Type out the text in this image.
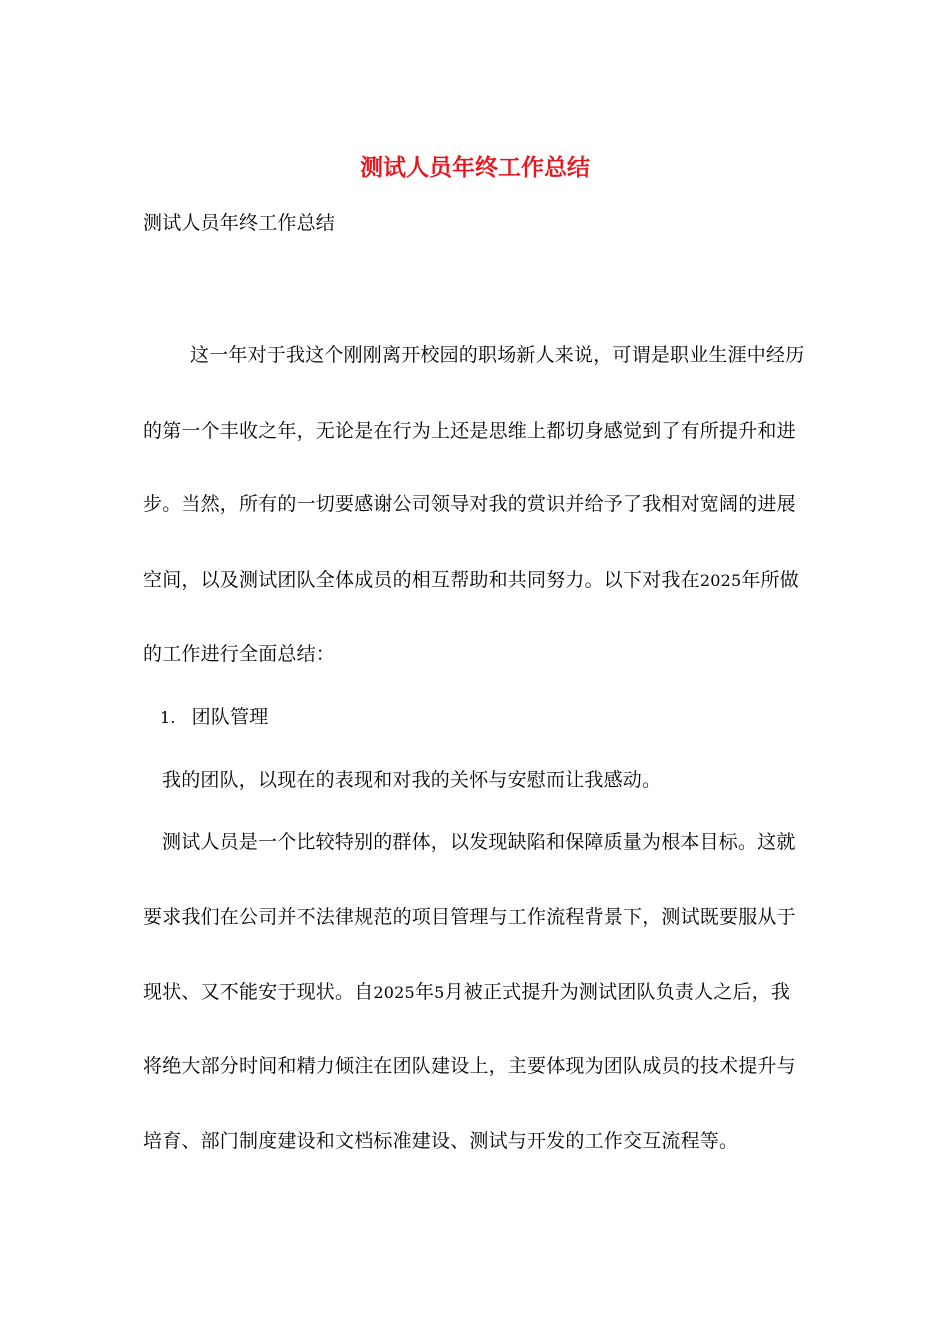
测试人员年终工作总结

测试人员年终工作总结

这一年对于我这个刚刚离开校园的职场新人来说，可谓是职业生涯中经历

的第一个丰收之年，无论是在行为上还是思维上都切身感觉到了有所提升和进

步。当然，所有的一切要感谢公司领导对我的赏识并给予了我相对宽阔的进展

空间，以及测试团队全体成员的相互帮助和共同努力。以下对我在2025年所做

的工作进行全面总结：

1. 团队管理

我的团队，以现在的表现和对我的关怀与安慰而让我感动。

测试人员是一个比较特别的群体，以发现缺陷和保障质量为根本目标。这就

要求我们在公司并不法律规范的项目管理与工作流程背景下，测试既要服从于

现状、又不能安于现状。自2025年5月被正式提升为测试团队负责人之后，我

将绝大部分时间和精力倾注在团队建设上，主要体现为团队成员的技术提升与

培育、部门制度建设和文档标准建设、测试与开发的工作交互流程等。
